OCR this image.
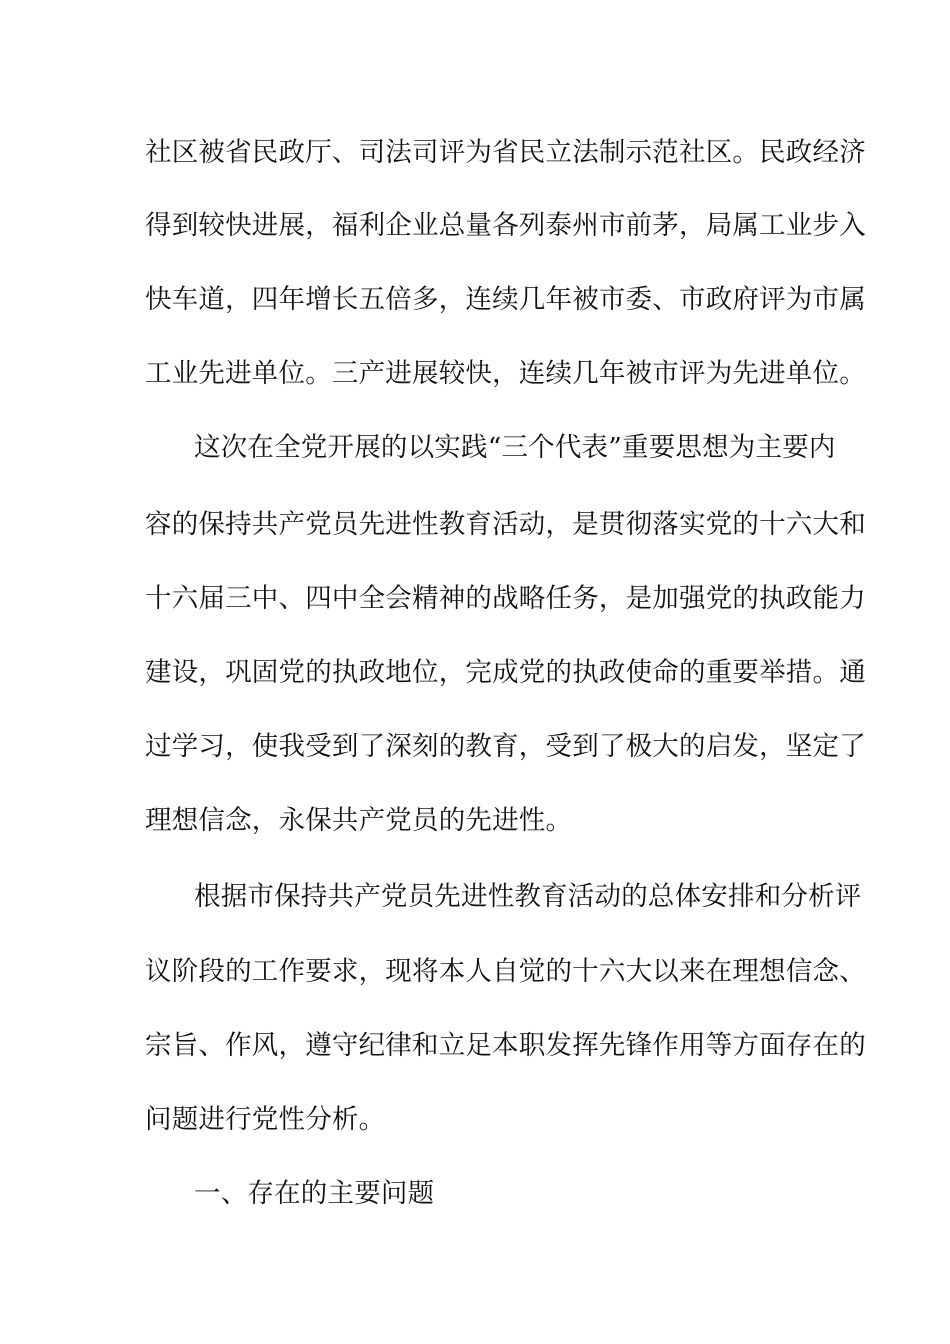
社区被省民政厅、司法司评为省民立法制示范社区。民政经济
得到较快进展，福利企业总量各列泰州市前茅，局属工业步入
快车道，四年增长五倍多，连续几年被市委、市政府评为市属
工业先进单位。三产进展较快，连续几年被市评为先进单位。
这次在全党开展的以实践“三个代表”重要思想为主要内
容的保持共产党员先进性教育活动，是贯彻落实党的十六大和
十六届三中、四中全会精神的战略任务，是加强党的执政能力
建设，巩固党的执政地位，完成党的执政使命的重要举措。通
过学习，使我受到了深刻的教育，受到了极大的启发，坚定了
理想信念，永保共产党员的先进性。
根据市保持共产党员先进性教育活动的总体安排和分析评
议阶段的工作要求，现将本人自觉的十六大以来在理想信念、
宗旨、作风，遵守纪律和立足本职发挥先锋作用等方面存在的
问题进行党性分析。
一、存在的主要问题
